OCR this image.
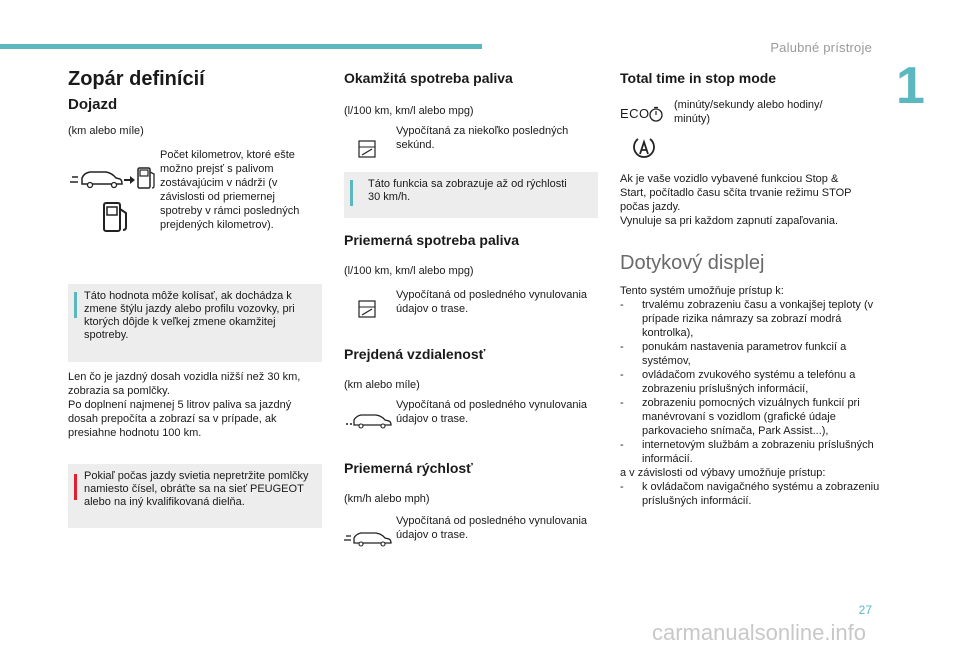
Palubné prístroje
1
Zopár definícií
Dojazd
(km alebo míle)
Počet kilometrov, ktoré ešte možno prejsť s palivom zostávajúcim v nádrži (v závislosti od priemernej spotreby v rámci posledných prejdených kilometrov).
Táto hodnota môže kolísať, ak dochádza k zmene štýlu jazdy alebo profilu vozovky, pri ktorých dôjde k veľkej zmene okamžitej spotreby.
Len čo je jazdný dosah vozidla nižší než 30 km, zobrazia sa pomlčky.
Po doplnení najmenej 5 litrov paliva sa jazdný dosah prepočíta a zobrazí sa v prípade, ak presiahne hodnotu 100 km.
Pokiaľ počas jazdy svietia nepretržite pomlčky namiesto čísel, obráťte sa na sieť PEUGEOT alebo na iný kvalifikovaná dielňa.
Okamžitá spotreba paliva
(l/100 km, km/l alebo mpg)
Vypočítaná za niekoľko posledných sekúnd.
Táto funkcia sa zobrazuje až od rýchlosti 30 km/h.
Priemerná spotreba paliva
(l/100 km, km/l alebo mpg)
Vypočítaná od posledného vynulovania údajov o trase.
Prejdená vzdialenosť
(km alebo míle)
Vypočítaná od posledného vynulovania údajov o trase.
Priemerná rýchlosť
(km/h alebo mph)
Vypočítaná od posledného vynulovania údajov o trase.
Total time in stop mode
ECO
(minúty/sekundy alebo hodiny/ minúty)
Ak je vaše vozidlo vybavené funkciou Stop & Start, počítadlo času sčíta trvanie režimu STOP počas jazdy.
Vynuluje sa pri každom zapnutí zapaľovania.
Dotykový displej
Tento systém umožňuje prístup k:
- trvalému zobrazeniu času a vonkajšej teploty (v prípade rizika námrazy sa zobrazí modrá kontrolka),
- ponukám nastavenia parametrov funkcií a systémov,
- ovládačom zvukového systému a telefónu a zobrazeniu príslušných informácií,
- zobrazeniu pomocných vizuálnych funkcií pri manévrovaní s vozidlom (grafické údaje parkovacieho snímača, Park Assist...),
- internetovým službám a zobrazeniu príslušných informácií.
a v závislosti od výbavy umožňuje prístup:
- k ovládačom navigačného systému a zobrazeniu príslušných informácií.
27
carmanualsonline.info
